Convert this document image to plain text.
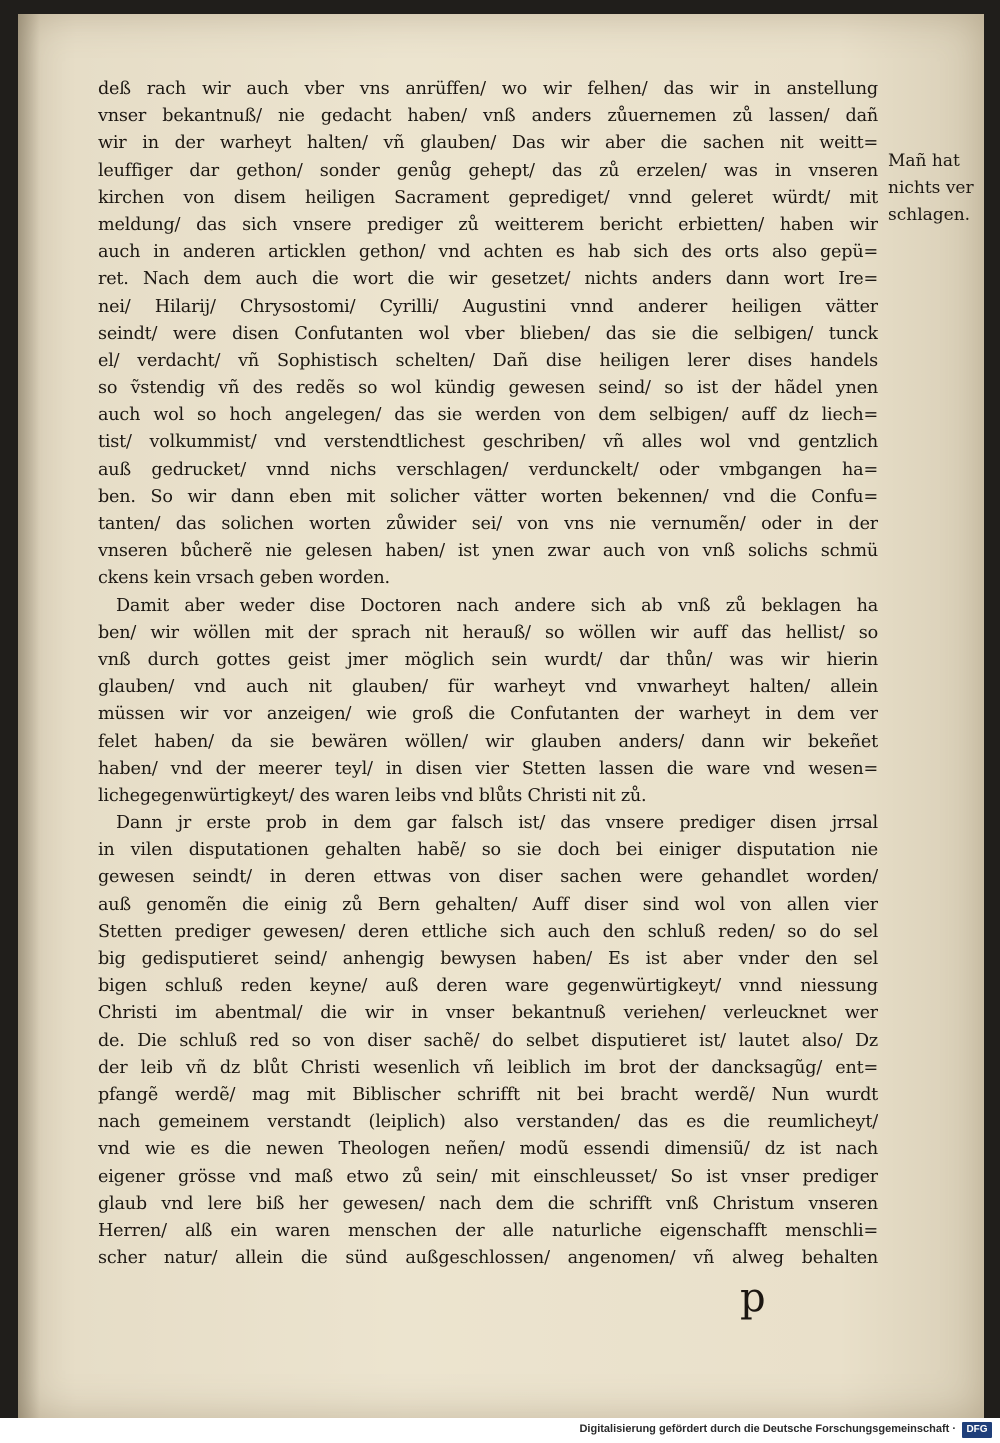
deß rach wir auch vber vns anrüffen/ wo wir felhen/ das wir in anstellung
vnser bekantnuß/ nie gedacht haben/ vnß anders zůuernemen zů lassen/ dañ
wir in der warheyt halten/ vñ glauben/ Das wir aber die sachen nit weitt=
leuffiger dar gethon/ sonder genůg gehept/ das zů erzelen/ was in vnseren
kirchen von disem heiligen Sacrament geprediget/ vnnd geleret würdt/ mit
meldung/ das sich vnsere prediger zů weitterem bericht erbietten/ haben wir
auch in anderen articklen gethon/ vnd achten es hab sich des orts also gepü=
ret. Nach dem auch die wort die wir gesetzet/ nichts anders dann wort Ire=
nei/ Hilarij/ Chrysostomi/ Cyrilli/ Augustini vnnd anderer heiligen vätter
seindt/ were disen Confutanten wol vber blieben/ das sie die selbigen/ tunck
el/ verdacht/ vñ Sophistisch schelten/ Dañ dise heiligen lerer dises handels
so ṽstendig vñ des redẽs so wol kündig gewesen seind/ so ist der hãdel ynen
auch wol so hoch angelegen/ das sie werden von dem selbigen/ auff dz liech=
tist/ volkummist/ vnd verstendtlichest geschriben/ vñ alles wol vnd gentzlich
auß gedrucket/ vnnd nichs verschlagen/ verdunckelt/ oder vmbgangen ha=
ben. So wir dann eben mit solicher vätter worten bekennen/ vnd die Confu=
tanten/ das solichen worten zůwider sei/ von vns nie vernumẽn/ oder in der
vnseren bůcherẽ nie gelesen haben/ ist ynen zwar auch von vnß solichs schmü
ckens kein vrsach geben worden.
Damit aber weder dise Doctoren nach andere sich ab vnß zů beklagen ha
ben/ wir wöllen mit der sprach nit herauß/ so wöllen wir auff das hellist/ so
vnß durch gottes geist jmer möglich sein wurdt/ dar thůn/ was wir hierin
glauben/ vnd auch nit glauben/ für warheyt vnd vnwarheyt halten/ allein
müssen wir vor anzeigen/ wie groß die Confutanten der warheyt in dem ver
felet haben/ da sie bewären wöllen/ wir glauben anders/ dann wir bekeñet
haben/ vnd der meerer teyl/ in disen vier Stetten lassen die ware vnd wesen=
lichegegenwürtigkeyt/ des waren leibs vnd blůts Christi nit zů.
Dann jr erste prob in dem gar falsch ist/ das vnsere prediger disen jrrsal
in vilen disputationen gehalten habẽ/ so sie doch bei einiger disputation nie
gewesen seindt/ in deren ettwas von diser sachen were gehandlet worden/
auß genomẽn die einig zů Bern gehalten/ Auff diser sind wol von allen vier
Stetten prediger gewesen/ deren ettliche sich auch den schluß reden/ so do sel
big gedisputieret seind/ anhengig bewysen haben/ Es ist aber vnder den sel
bigen schluß reden keyne/ auß deren ware gegenwürtigkeyt/ vnnd niessung
Christi im abentmal/ die wir in vnser bekantnuß veriehen/ verleucknet wer
de. Die schluß red so von diser sachẽ/ do selbet disputieret ist/ lautet also/ Dz
der leib vñ dz blůt Christi wesenlich vñ leiblich im brot der dancksagũg/ ent=
pfangẽ werdẽ/ mag mit Biblischer schrifft nit bei bracht werdẽ/ Nun wurdt
nach gemeinem verstandt (leiplich) also verstanden/ das es die reumlicheyt/
vnd wie es die newen Theologen neñen/ modũ essendi dimensiũ/ dz ist nach
eigener grösse vnd maß etwo zů sein/ mit einschleusset/ So ist vnser prediger
glaub vnd lere biß her gewesen/ nach dem die schrifft vnß Christum vnseren
Herren/ alß ein waren menschen der alle naturliche eigenschafft menschli=
scher natur/ allein die sünd außgeschlossen/ angenomen/ vñ alweg behalten
Mañ hat
nichts ver
schlagen.
p
Digitalisierung gefördert durch die Deutsche Forschungsgemeinschaft ·	DFG
